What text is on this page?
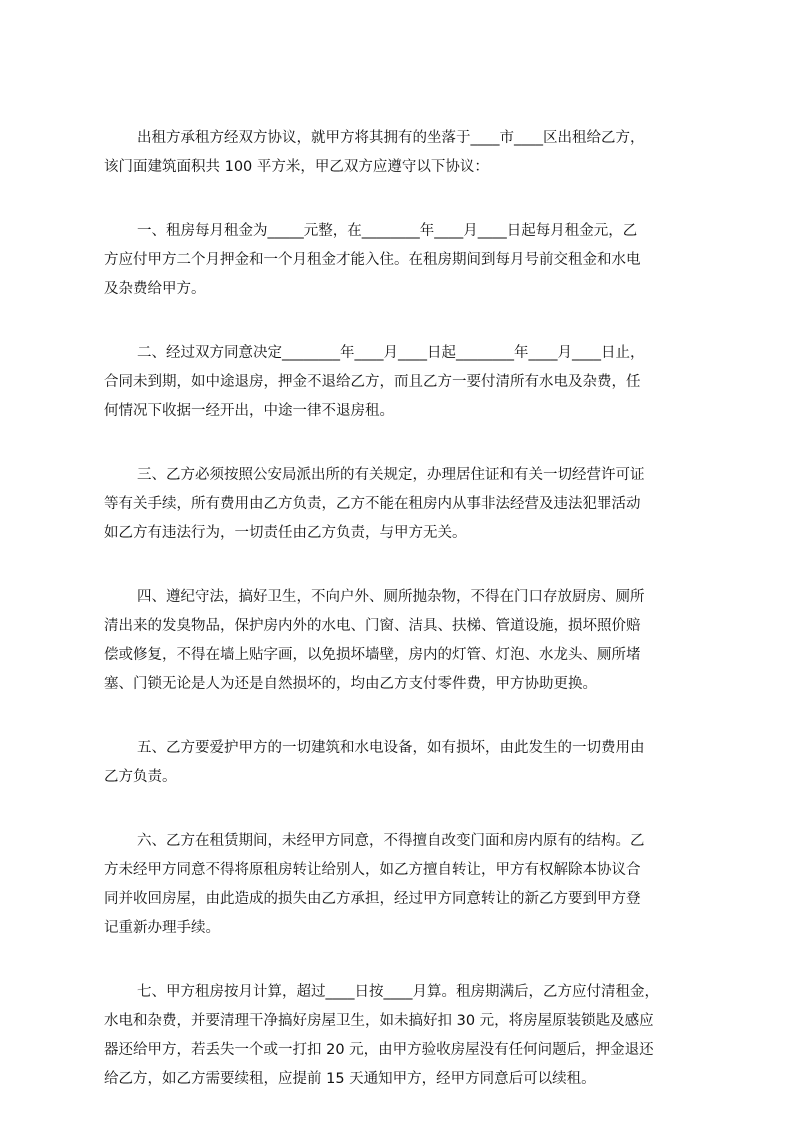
出租方承租方经双方协议，就甲方将其拥有的坐落于____市____区出租给乙方，
该门面建筑面积共 100 平方米，甲乙双方应遵守以下协议：
一、租房每月租金为_____元整，在________年____月____日起每月租金元，乙
方应付甲方二个月押金和一个月租金才能入住。在租房期间到每月号前交租金和水电
及杂费给甲方。
二、经过双方同意决定________年____月____日起________年____月____日止，
合同未到期，如中途退房，押金不退给乙方，而且乙方一要付清所有水电及杂费，任
何情况下收据一经开出，中途一律不退房租。
三、乙方必须按照公安局派出所的有关规定，办理居住证和有关一切经营许可证
等有关手续，所有费用由乙方负责，乙方不能在租房内从事非法经营及违法犯罪活动
如乙方有违法行为，一切责任由乙方负责，与甲方无关。
四、遵纪守法，搞好卫生，不向户外、厕所抛杂物，不得在门口存放厨房、厕所
清出来的发臭物品，保护房内外的水电、门窗、洁具、扶梯、管道设施，损坏照价赔
偿或修复，不得在墙上贴字画，以免损坏墙壁，房内的灯管、灯泡、水龙头、厕所堵
塞、门锁无论是人为还是自然损坏的，均由乙方支付零件费，甲方协助更换。
五、乙方要爱护甲方的一切建筑和水电设备，如有损坏，由此发生的一切费用由
乙方负责。
六、乙方在租赁期间，未经甲方同意，不得擅自改变门面和房内原有的结构。乙
方未经甲方同意不得将原租房转让给别人，如乙方擅自转让，甲方有权解除本协议合
同并收回房屋，由此造成的损失由乙方承担，经过甲方同意转让的新乙方要到甲方登
记重新办理手续。
七、甲方租房按月计算，超过____日按____月算。租房期满后，乙方应付清租金，
水电和杂费，并要清理干净搞好房屋卫生，如未搞好扣 30 元，将房屋原装锁匙及感应
器还给甲方，若丢失一个或一打扣 20 元，由甲方验收房屋没有任何问题后，押金退还
给乙方，如乙方需要续租，应提前 15 天通知甲方，经甲方同意后可以续租。
